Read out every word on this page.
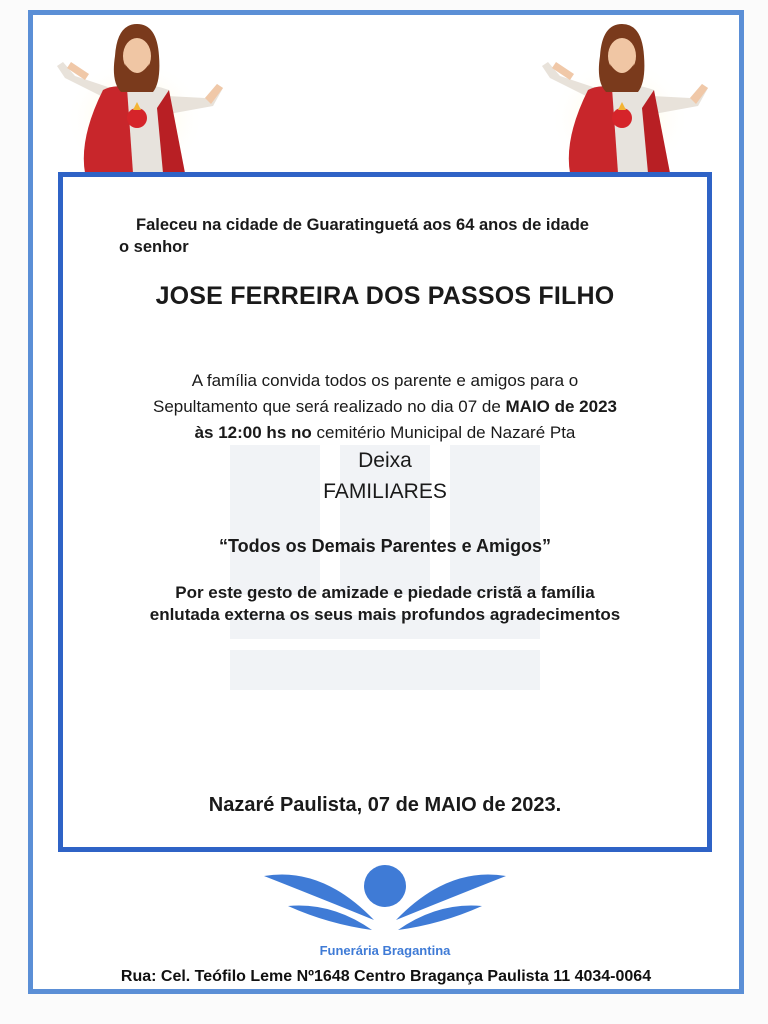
Faleceu na cidade de Guaratinguetá aos 64 anos de idade

o senhor

JOSE FERREIRA DOS PASSOS FILHO

A família convida todos os parente e amigos para o

Sepultamento que será realizado no dia 07 de MAIO de 2023

às 12:00 hs no cemitério Municipal de Nazaré Pta

Deixa

FAMILIARES

“Todos os Demais Parentes e Amigos”

Por este gesto de amizade e piedade cristã a família

enlutada externa os seus mais profundos agradecimentos

Nazaré Paulista, 07 de MAIO de 2023.

Funerária Bragantina

Rua: Cel. Teófilo Leme Nº1648 Centro Bragança Paulista 11 4034-0064
